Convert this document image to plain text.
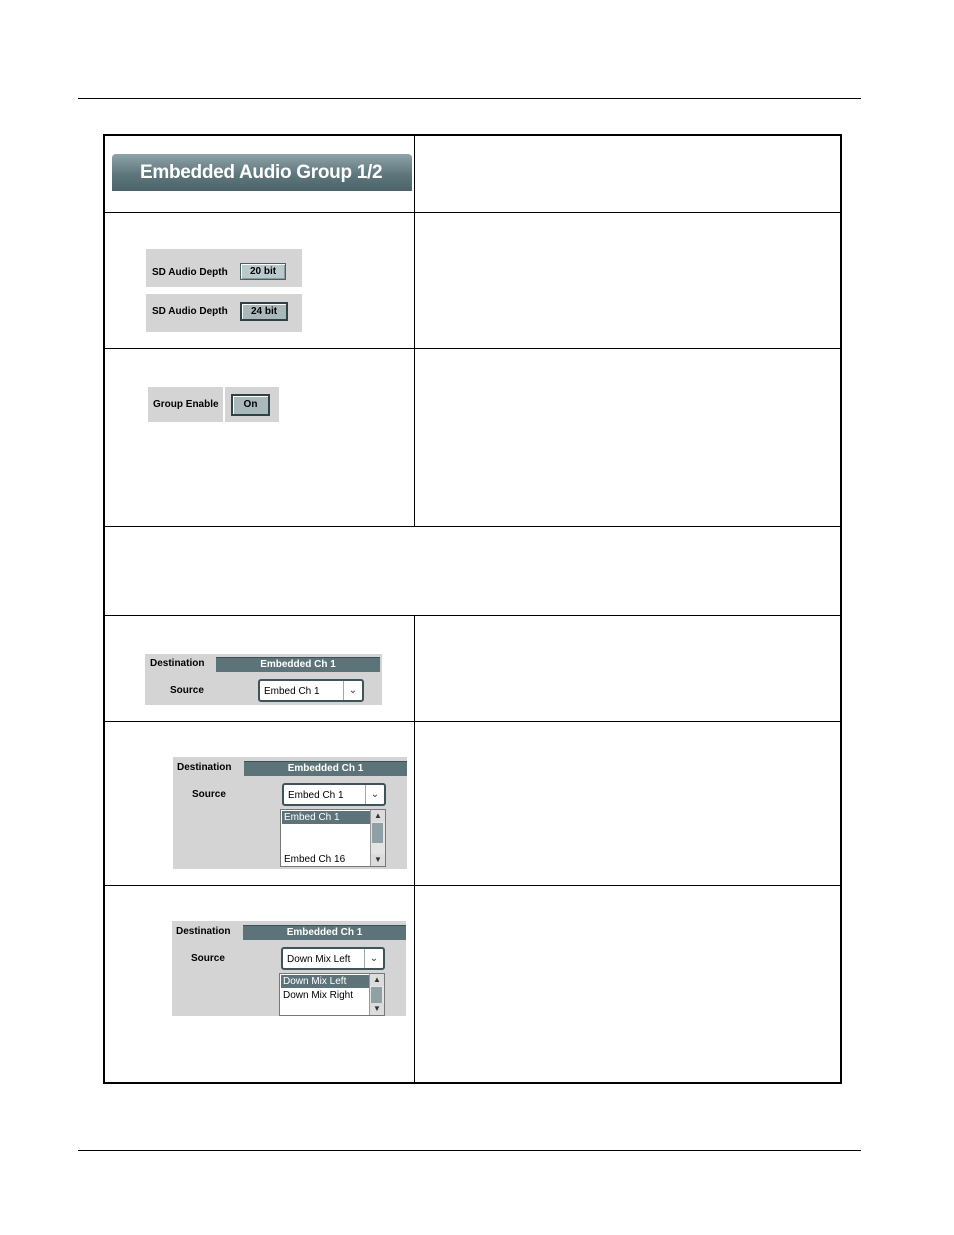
Embedded Audio Group 1/2
SD Audio Depth	20 bit
SD Audio Depth	24 bit
Group Enable	On
Destination	Embedded Ch 1
Source	Embed Ch 1	⌄
Destination	Embedded Ch 1
Source	Embed Ch 1	⌄
Embed Ch 1
Embed Ch 16
▲
▼
Destination	Embedded Ch 1
Source	Down Mix Left	⌄
Down Mix Left
Down Mix Right
▲
▼
